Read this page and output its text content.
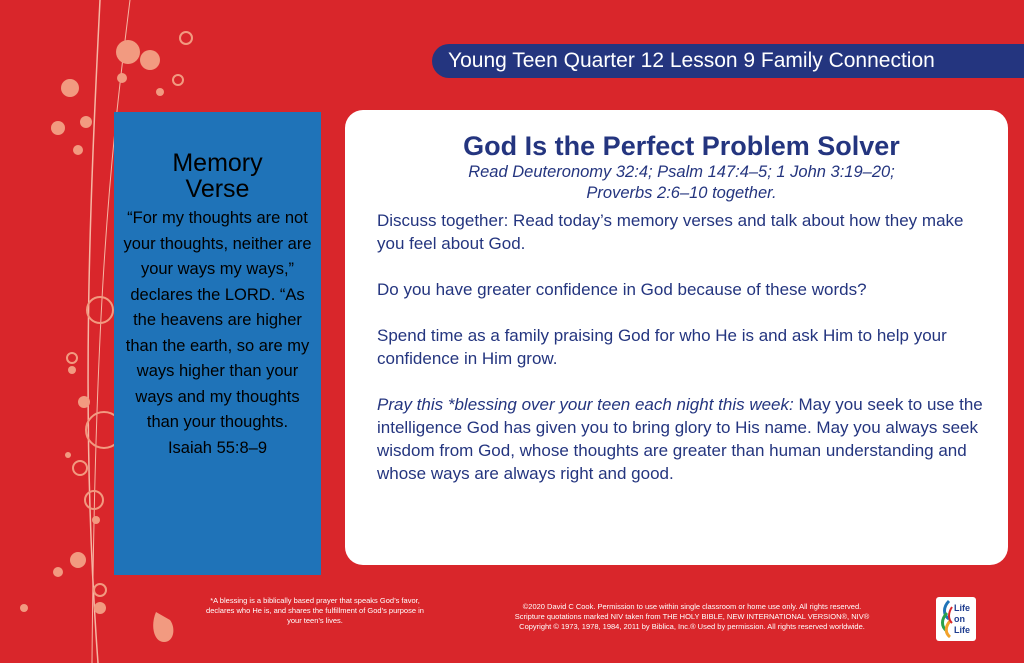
Young Teen Quarter 12 Lesson 9 Family Connection
Memory
Verse

“For my thoughts are not your thoughts, neither are your ways my ways,” declares the LORD. “As the heavens are higher than the earth, so are my ways higher than your ways and my thoughts than your thoughts.
Isaiah 55:8–9

God Is the Perfect Problem Solver

Read Deuteronomy 32:4; Psalm 147:4–5; 1 John 3:19–20;
Proverbs 2:6–10 together.

Discuss together: Read today’s memory verses and talk about how they make you feel about God.

Do you have greater confidence in God because of these words?

Spend time as a family praising God for who He is and ask Him to help your confidence in Him grow.

Pray this *blessing over your teen each night this week: May you seek to use the intelligence God has given you to bring glory to His name. May you always seek wisdom from God, whose thoughts are greater than human understanding and whose ways are always right and good.

*A blessing is a biblically based prayer that speaks God’s favor, declares who He is, and shares the fulfillment of God’s purpose in your teen’s lives.
©2020 David C Cook. Permission to use within single classroom or home use only. All rights reserved.
Scripture quotations marked NIV taken from THE HOLY BIBLE, NEW INTERNATIONAL VERSION®, NIV®
Copyright © 1973, 1978, 1984, 2011 by Biblica, Inc.® Used by permission. All rights reserved worldwide.
Life
on
Life
